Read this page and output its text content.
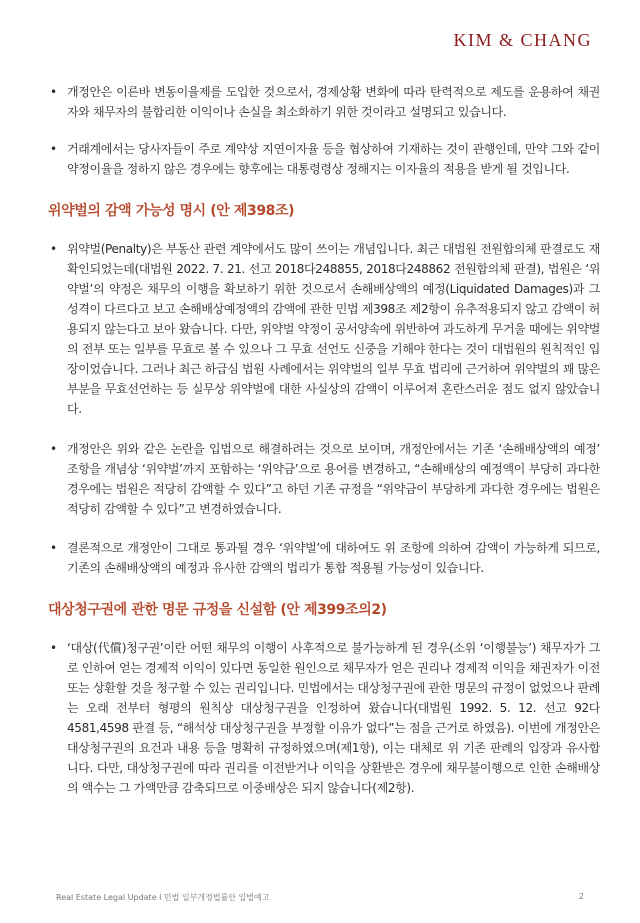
KIM & CHANG
• 개정안은 이른바 변동이율제를 도입한 것으로서, 경제상황 변화에 따라 탄력적으로 제도를 운용하여 채권자와 채무자의 불합리한 이익이나 손실을 최소화하기 위한 것이라고 설명되고 있습니다.
• 거래계에서는 당사자들이 주로 계약상 지연이자율 등을 협상하여 기재하는 것이 관행인데, 만약 그와 같이 약정이율을 정하지 않은 경우에는 향후에는 대통령령상 정해지는 이자율의 적용을 받게 될 것입니다.
위약벌의 감액 가능성 명시 (안 제398조)
• 위약벌(Penalty)은 부동산 관련 계약에서도 많이 쓰이는 개념입니다. 최근 대법원 전원합의체 판결로도 재확인되었는데(대법원 2022. 7. 21. 선고 2018다248855, 2018다248862 전원합의체 판결), 법원은 ‘위약벌’의 약정은 채무의 이행을 확보하기 위한 것으로서 손해배상액의 예정(Liquidated Damages)과 그 성격이 다르다고 보고 손해배상예정액의 감액에 관한 민법 제398조 제2항이 유추적용되지 않고 감액이 허용되지 않는다고 보아 왔습니다. 다만, 위약벌 약정이 공서양속에 위반하여 과도하게 무거울 때에는 위약벌의 전부 또는 일부를 무효로 볼 수 있으나 그 무효 선언도 신중을 기해야 한다는 것이 대법원의 원칙적인 입장이었습니다. 그러나 최근 하급심 법원 사례에서는 위약벌의 일부 무효 법리에 근거하여 위약벌의 꽤 많은 부분을 무효선언하는 등 실무상 위약벌에 대한 사실상의 감액이 이루어져 혼란스러운 점도 없지 않았습니다.
• 개정안은 위와 같은 논란을 입법으로 해결하려는 것으로 보이며, 개정안에서는 기존 ‘손해배상액의 예정’ 조항을 개념상 ‘위약벌’까지 포함하는 ‘위약금’으로 용어를 변경하고, “손해배상의 예정액이 부당히 과다한 경우에는 법원은 적당히 감액할 수 있다”고 하던 기존 규정을 “위약금이 부당하게 과다한 경우에는 법원은 적당히 감액할 수 있다”고 변경하였습니다.
• 결론적으로 개정안이 그대로 통과될 경우 ‘위약벌’에 대하여도 위 조항에 의하여 감액이 가능하게 되므로, 기존의 손해배상액의 예정과 유사한 감액의 법리가 통합 적용될 가능성이 있습니다.
대상청구권에 관한 명문 규정을 신설함 (안 제399조의2)
• ‘대상(代償)청구권’이란 어떤 채무의 이행이 사후적으로 불가능하게 된 경우(소위 ‘이행불능’) 채무자가 그로 인하여 얻는 경제적 이익이 있다면 동일한 원인으로 채무자가 얻은 권리나 경제적 이익을 채권자가 이전 또는 상환할 것을 청구할 수 있는 권리입니다. 민법에서는 대상청구권에 관한 명문의 규정이 없었으나 판례는 오래 전부터 형평의 원칙상 대상청구권을 인정하여 왔습니다(대법원 1992. 5. 12. 선고 92다4581,4598 판결 등, “해석상 대상청구권을 부정할 이유가 없다”는 점을 근거로 하였음). 이번에 개정안은 대상청구권의 요건과 내용 등을 명확히 규정하였으며(제1항), 이는 대체로 위 기존 판례의 입장과 유사합니다. 다만, 대상청구권에 따라 권리를 이전받거나 이익을 상환받은 경우에 채무불이행으로 인한 손해배상의 액수는 그 가액만큼 감축되므로 이중배상은 되지 않습니다(제2항).
Real Estate Legal Update l 민법 일부개정법률안 입법예고	2
